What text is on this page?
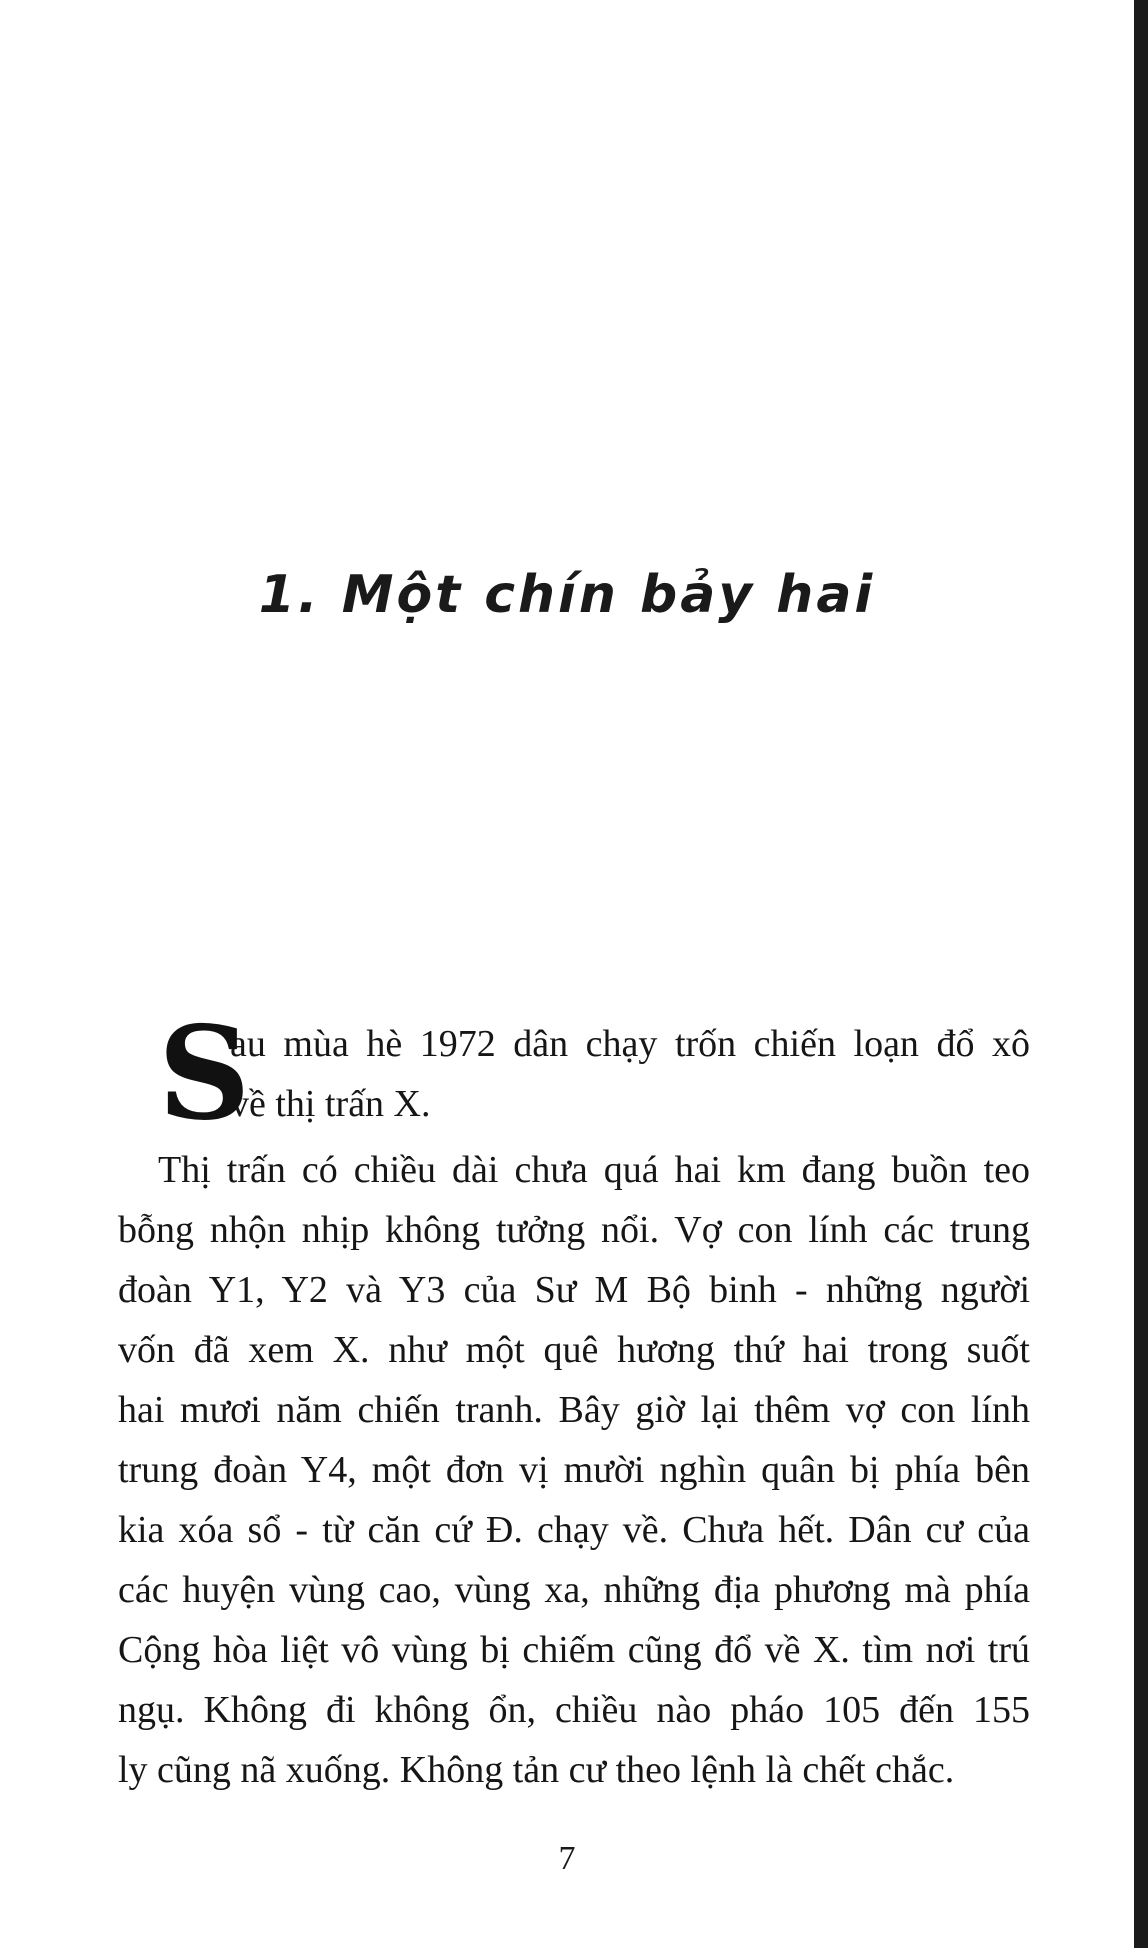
1. Một chín bảy hai
S
au mùa hè 1972 dân chạy trốn chiến loạn đổ xô
về thị trấn X.
Thị trấn có chiều dài chưa quá hai km đang buồn teo
bỗng nhộn nhịp không tưởng nổi. Vợ con lính các trung
đoàn Y1, Y2 và Y3 của Sư M Bộ binh - những người
vốn đã xem X. như một quê hương thứ hai trong suốt
hai mươi năm chiến tranh. Bây giờ lại thêm vợ con lính
trung đoàn Y4, một đơn vị mười nghìn quân bị phía bên
kia xóa sổ - từ căn cứ Đ. chạy về. Chưa hết. Dân cư của
các huyện vùng cao, vùng xa, những địa phương mà phía
Cộng hòa liệt vô vùng bị chiếm cũng đổ về X. tìm nơi trú
ngụ. Không đi không ổn, chiều nào pháo 105 đến 155
ly cũng nã xuống. Không tản cư theo lệnh là chết chắc.
7
